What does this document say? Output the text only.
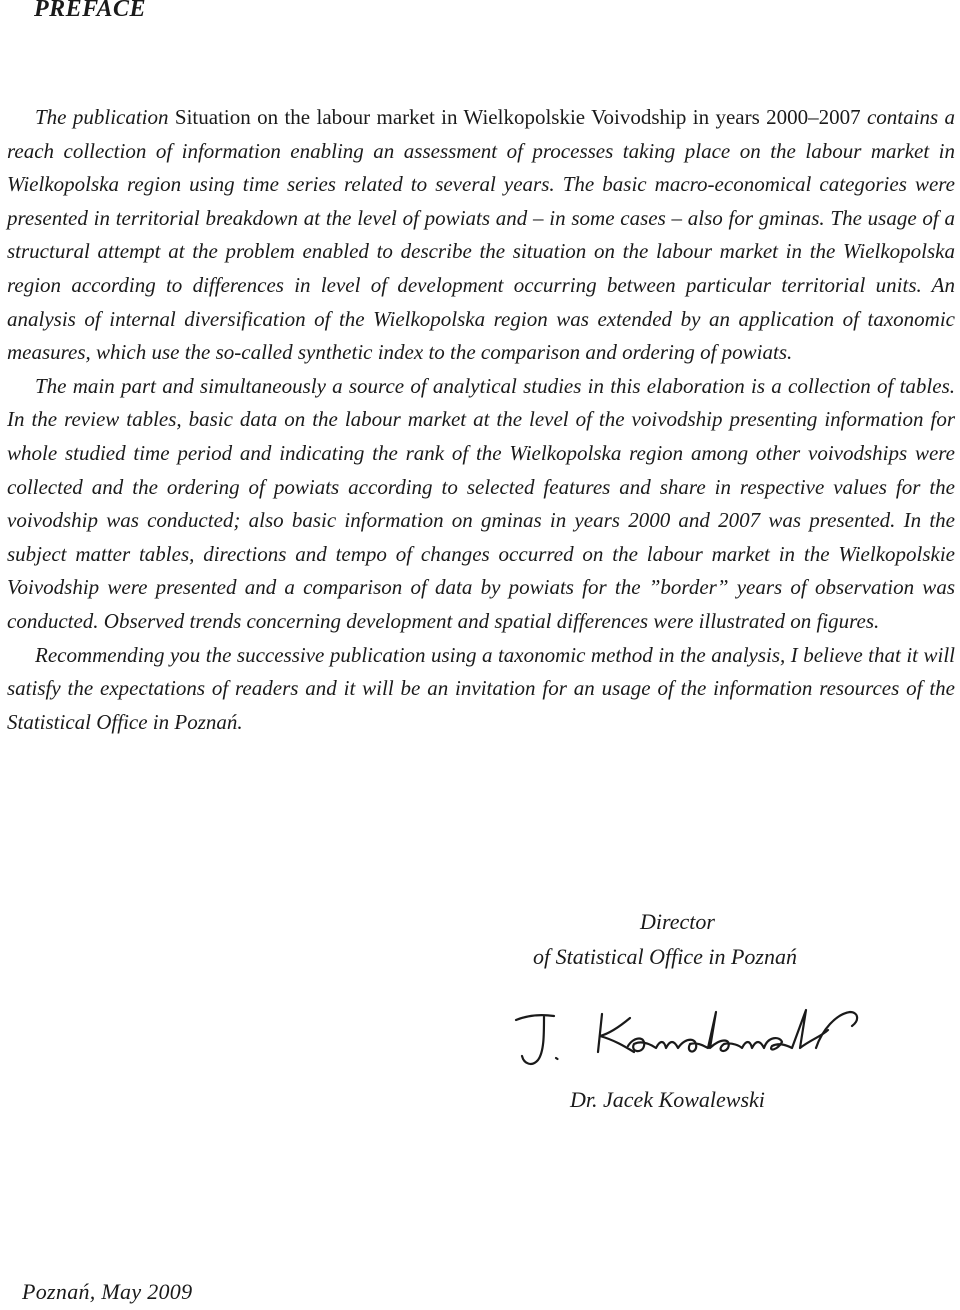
PREFACE

The publication Situation on the labour market in Wielkopolskie Voivodship in years 2000–2007 contains a reach collection of information enabling an assessment of processes taking place on the labour market in Wielkopolska region using time series related to several years. The basic macro-economical categories were presented in territorial breakdown at the level of powiats and – in some cases – also for gminas. The usage of a structural attempt at the problem enabled to describe the situation on the labour market in the Wielkopolska region according to differences in level of development occurring between particular territorial units. An analysis of internal diversification of the Wielkopolska region was extended by an application of taxonomic measures, which use the so-called synthetic index to the comparison and ordering of powiats.

The main part and simultaneously a source of analytical studies in this elaboration is a collection of tables. In the review tables, basic data on the labour market at the level of the voivodship presenting information for whole studied time period and indicating the rank of the Wielkopolska region among other voivodships were collected and the ordering of powiats according to selected features and share in respective values for the voivodship was conducted; also basic information on gminas in years 2000 and 2007 was presented. In the subject matter tables, directions and tempo of changes occurred on the labour market in the Wielkopolskie Voivodship were presented and a comparison of data by powiats for the ”border” years of observation was conducted. Observed trends concerning development and spatial differences were illustrated on figures.

Recommending you the successive publication using a taxonomic method in the analysis, I believe that it will satisfy the expectations of readers and it will be an invitation for an usage of the information resources of the Statistical Office in Poznań.

Director
of Statistical Office in Poznań
Dr. Jacek Kowalewski
Poznań, May 2009
